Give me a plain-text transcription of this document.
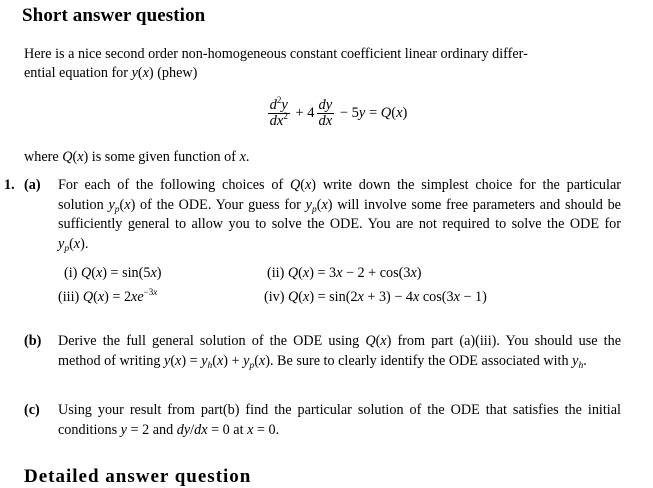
Short answer question
Here is a nice second order non-homogeneous constant coefficient linear ordinary differ-
ential equation for y(x) (phew)
$\frac{d^2y}{dx^2} + 4 \frac{dy}{dx} - 5y = Q(x)$
where Q(x) is some given function of x.
1. (a) For each of the following choices of Q(x) write down the simplest choice for the particular solution $y_p(x)$ of the ODE. Your guess for $y_p(x)$ will involve some free parameters and should be sufficiently general to allow you to solve the ODE. You are not required to solve the ODE for $y_p(x)$.
(i) Q(x) = sin(5x)	(ii) Q(x) = 3x − 2 + cos(3x)
(iii) $Q(x) = 2xe^{-3x}$	(iv) Q(x) = sin(2x + 3) − 4x cos(3x − 1)
(b) Derive the full general solution of the ODE using Q(x) from part (a)(iii). You should use the method of writing $y(x) = y_h(x) + y_p(x)$. Be sure to clearly identify the ODE associated with $y_h$.
(c) Using your result from part(b) find the particular solution of the ODE that satisfies the initial conditions y = 2 and dy/dx = 0 at x = 0.
Detailed answer question
